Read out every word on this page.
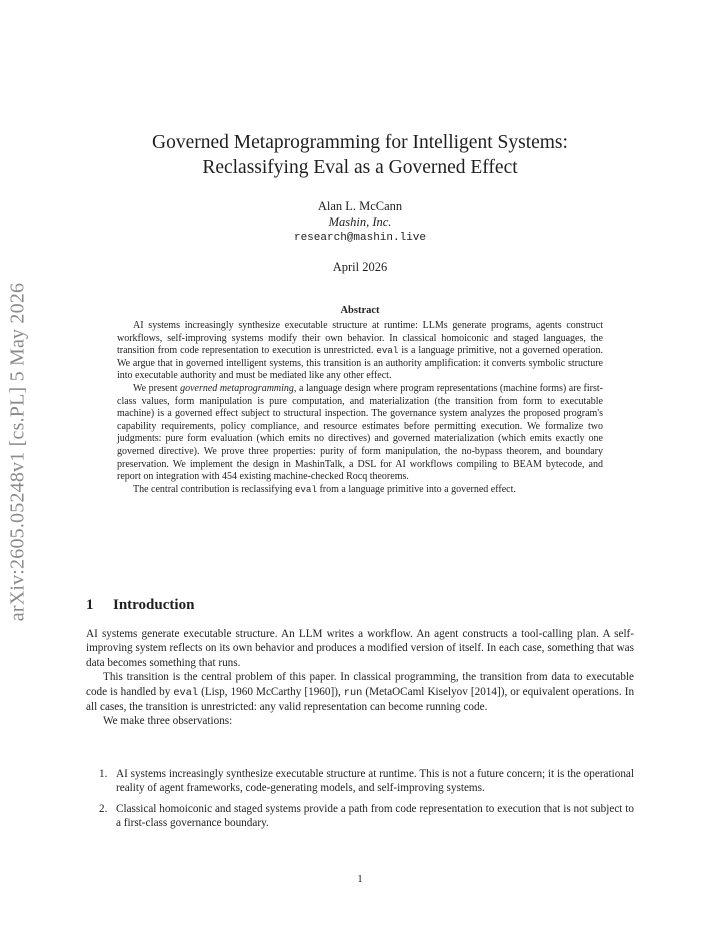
arXiv:2605.05248v1 [cs.PL] 5 May 2026
Governed Metaprogramming for Intelligent Systems:
Reclassifying Eval as a Governed Effect
Alan L. McCann
Mashin, Inc.
research@mashin.live
April 2026
Abstract

AI systems increasingly synthesize executable structure at runtime: LLMs generate programs, agents construct workflows, self-improving systems modify their own behavior. In classical homoiconic and staged languages, the transition from code representation to execution is unrestricted. eval is a language primitive, not a governed operation. We argue that in governed intelligent systems, this transition is an authority amplification: it converts symbolic structure into executable authority and must be mediated like any other effect.

We present governed metaprogramming, a language design where program representations (machine forms) are first-class values, form manipulation is pure computation, and materialization (the transition from form to executable machine) is a governed effect subject to structural inspection. The governance system analyzes the proposed program's capability requirements, policy compliance, and resource estimates before permitting execution. We formalize two judgments: pure form evaluation (which emits no directives) and governed materialization (which emits exactly one governed directive). We prove three properties: purity of form manipulation, the no-bypass theorem, and boundary preservation. We implement the design in MashinTalk, a DSL for AI workflows compiling to BEAM bytecode, and report on integration with 454 existing machine-checked Rocq theorems.

The central contribution is reclassifying eval from a language primitive into a governed effect.

1 Introduction

AI systems generate executable structure. An LLM writes a workflow. An agent constructs a tool-calling plan. A self-improving system reflects on its own behavior and produces a modified version of itself. In each case, something that was data becomes something that runs.

This transition is the central problem of this paper. In classical programming, the transition from data to executable code is handled by eval (Lisp, 1960 McCarthy [1960]), run (MetaOCaml Kiselyov [2014]), or equivalent operations. In all cases, the transition is unrestricted: any valid representation can become running code.

We make three observations:

1. AI systems increasingly synthesize executable structure at runtime. This is not a future concern; it is the operational reality of agent frameworks, code-generating models, and self-improving systems.
2. Classical homoiconic and staged systems provide a path from code representation to execution that is not subject to a first-class governance boundary.
1
